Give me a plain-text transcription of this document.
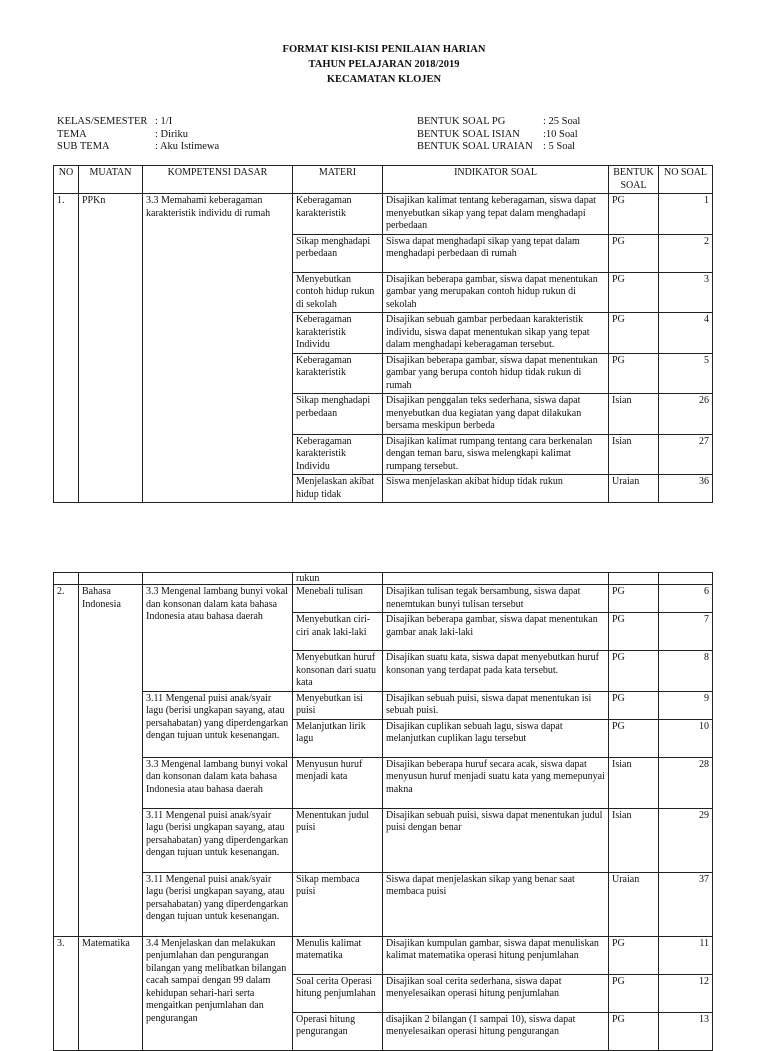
FORMAT KISI-KISI PENILAIAN HARIAN
TAHUN PELAJARAN 2018/2019
KECAMATAN KLOJEN
KELAS/SEMESTER : 1/I
TEMA	: Diriku
SUB TEMA	: Aku Istimewa
BENTUK SOAL PG	: 25 Soal
BENTUK SOAL ISIAN	:10 Soal
BENTUK SOAL URAIAN : 5 Soal
NO	MUATAN	KOMPETENSI DASAR	MATERI	INDIKATOR SOAL	BENTUK SOAL	NO SOAL
1.	PPKn	3.3 Memahami keberagaman karakteristik individu di rumah	Keberagaman karakteristik	Disajikan kalimat tentang keberagaman, siswa dapat menyebutkan sikap yang tepat dalam menghadapi perbedaan	PG	1
			Sikap menghadapi perbedaan	Siswa dapat menghadapi sikap yang tepat dalam menghadapi perbedaan di rumah	PG	2
			Menyebutkan contoh hidup rukun di sekolah	Disajikan beberapa gambar, siswa dapat menentukan gambar yang merupakan contoh hidup rukun di sekolah	PG	3
			Keberagaman karakteristik Individu	Disajikan sebuah gambar perbedaan karakteristik individu, siswa dapat menentukan sikap yang tepat dalam menghadapi keberagaman tersebut.	PG	4
			Keberagaman karakteristik	Disajikan beberapa gambar, siswa dapat menentukan gambar yang berupa contoh hidup tidak rukun di rumah	PG	5
			Sikap menghadapi perbedaan	Disajikan penggalan teks sederhana, siswa dapat menyebutkan dua kegiatan yang dapat dilakukan bersama meskipun berbeda	Isian	26
			Keberagaman karakteristik Individu	Disajikan kalimat rumpang tentang cara berkenalan dengan teman baru, siswa melengkapi kalimat rumpang tersebut.	Isian	27
			Menjelaskan akibat hidup tidak	Siswa menjelaskan akibat hidup tidak rukun	Uraian	36
			rukun			
2.	Bahasa Indonesia	3.3 Mengenal lambang bunyi vokal dan konsonan dalam kata bahasa Indonesia atau bahasa daerah	Menebali tulisan	Disajikan tulisan tegak bersambung, siswa dapat nenemtukan bunyi tulisan tersebut	PG	6
			Menyebutkan ciri-ciri anak laki-laki	Disajikan beberapa gambar, siswa dapat menentukan gambar anak laki-laki	PG	7
			Menyebutkan huruf konsonan dari suatu kata	Disajikan suatu kata, siswa dapat menyebutkan huruf konsonan yang terdapat pada kata tersebut.	PG	8
		3.11 Mengenal puisi anak/syair lagu (berisi ungkapan sayang, atau persahabatan) yang diperdengarkan dengan tujuan untuk kesenangan.	Menyebutkan isi puisi	Disajikan sebuah puisi, siswa dapat menentukan isi sebuah puisi.	PG	9
			Melanjutkan lirik lagu	Disajikan cuplikan sebuah lagu, siswa dapat melanjutkan cuplikan lagu tersebut	PG	10
		3.3 Mengenal lambang bunyi vokal dan konsonan dalam kata bahasa Indonesia atau bahasa daerah	Menyusun huruf menjadi kata	Disajikan beberapa huruf secara acak, siswa dapat menyusun huruf menjadi suatu kata yang memepunyai makna	Isian	28
		3.11 Mengenal puisi anak/syair lagu (berisi ungkapan sayang, atau persahabatan) yang diperdengarkan dengan tujuan untuk kesenangan.	Menentukan judul puisi	Disajikan sebuah puisi, siswa dapat menentukan judul puisi dengan benar	Isian	29
		3.11 Mengenal puisi anak/syair lagu (berisi ungkapan sayang, atau persahabatan) yang diperdengarkan dengan tujuan untuk kesenangan.	Sikap membaca puisi	Siswa dapat menjelaskan sikap yang benar saat membaca puisi	Uraian	37

3.	Matematika	3.4 Menjelaskan dan melakukan penjumlahan dan pengurangan bilangan yang melibatkan bilangan cacah sampai dengan 99 dalam kehidupan sehari-hari serta mengaitkan penjumlahan dan pengurangan	Menulis kalimat matematika	Disajikan kumpulan gambar, siswa dapat menuliskan kalimat matematika operasi hitung penjumlahan	PG	11
			Soal cerita Operasi hitung penjumlahan	Disajikan soal cerita sederhana, siswa dapat menyelesaikan operasi hitung penjumlahan	PG	12
			Operasi hitung pengurangan	disajikan 2 bilangan (1 sampai 10), siswa dapat menyelesaikan operasi hitung pengurangan	PG	13
